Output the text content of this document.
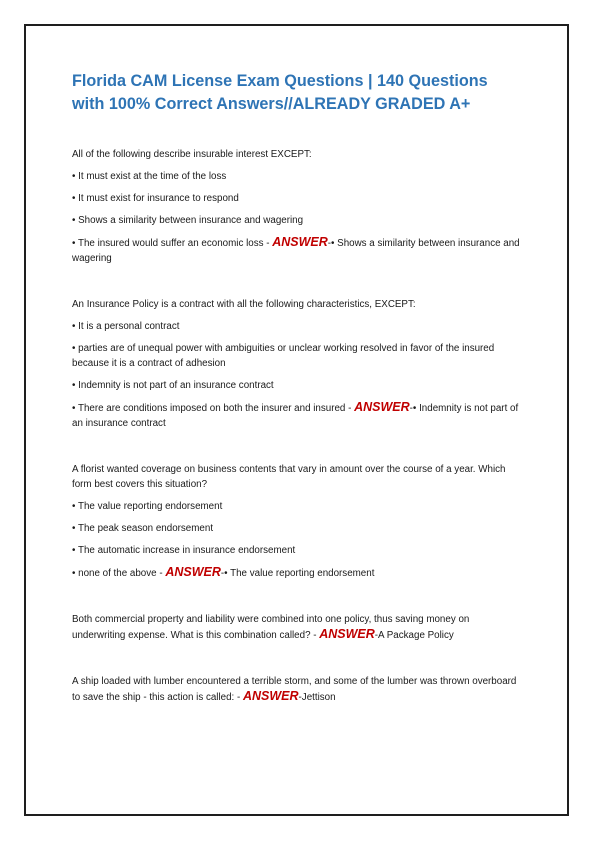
Florida CAM License Exam Questions | 140 Questions with 100% Correct Answers//ALREADY GRADED A+

All of the following describe insurable interest EXCEPT:

• It must exist at the time of the loss

• It must exist for insurance to respond

• Shows a similarity between insurance and wagering

• The insured would suffer an economic loss - ANSWER-• Shows a similarity between insurance and wagering

An Insurance Policy is a contract with all the following characteristics, EXCEPT:

• It is a personal contract

• parties are of unequal power with ambiguities or unclear working resolved in favor of the insured because it is a contract of adhesion

• Indemnity is not part of an insurance contract

• There are conditions imposed on both the insurer and insured - ANSWER-• Indemnity is not part of an insurance contract

A florist wanted coverage on business contents that vary in amount over the course of a year. Which form best covers this situation?

• The value reporting endorsement

• The peak season endorsement

• The automatic increase in insurance endorsement

• none of the above - ANSWER-• The value reporting endorsement

Both commercial property and liability were combined into one policy, thus saving money on underwriting expense. What is this combination called? - ANSWER-A Package Policy

A ship loaded with lumber encountered a terrible storm, and some of the lumber was thrown overboard to save the ship - this action is called: - ANSWER-Jettison
